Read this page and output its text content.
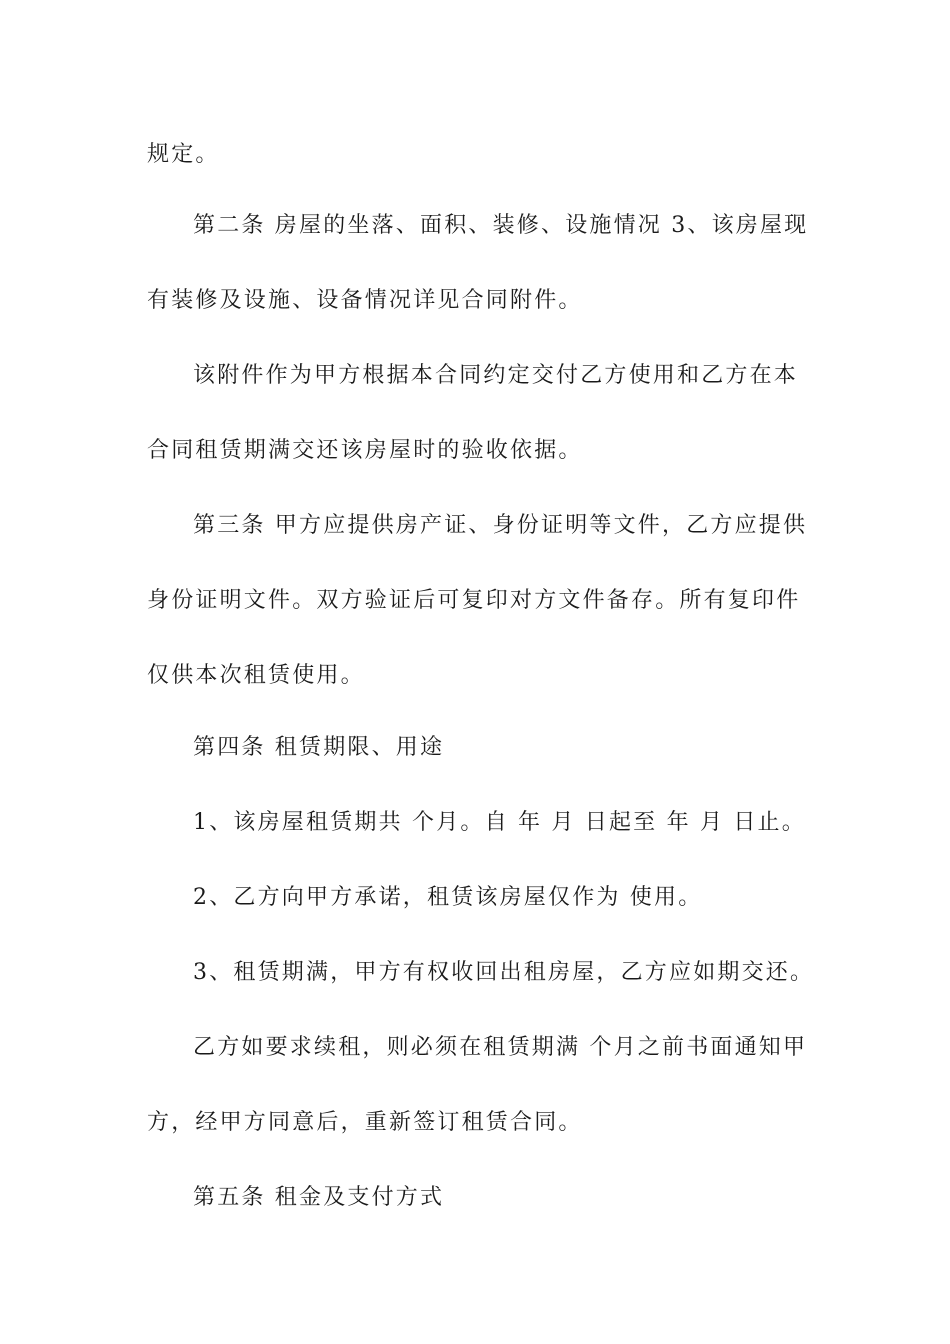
规定。
第二条 房屋的坐落、面积、装修、设施情况 3、该房屋现
有装修及设施、设备情况详见合同附件。
该附件作为甲方根据本合同约定交付乙方使用和乙方在本
合同租赁期满交还该房屋时的验收依据。
第三条 甲方应提供房产证、身份证明等文件，乙方应提供
身份证明文件。双方验证后可复印对方文件备存。所有复印件
仅供本次租赁使用。
第四条 租赁期限、用途
1、该房屋租赁期共 个月。自 年 月 日起至 年 月 日止。
2、乙方向甲方承诺，租赁该房屋仅作为 使用。
3、租赁期满，甲方有权收回出租房屋，乙方应如期交还。
乙方如要求续租，则必须在租赁期满 个月之前书面通知甲
方，经甲方同意后，重新签订租赁合同。
第五条 租金及支付方式
